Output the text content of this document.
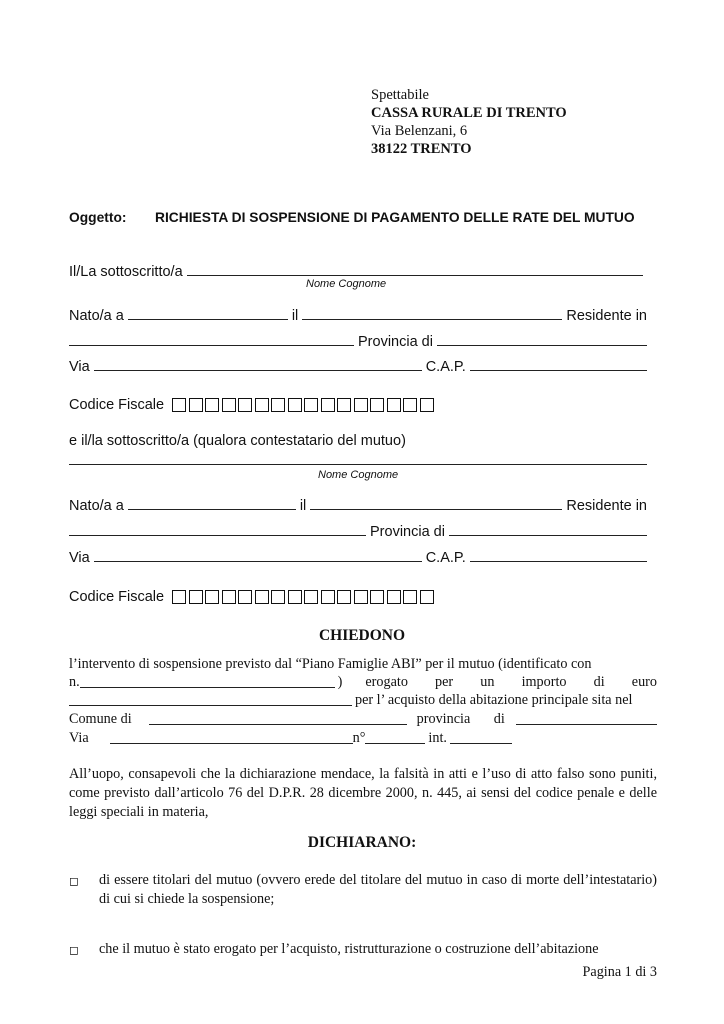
Spettabile
CASSA RURALE DI TRENTO
Via Belenzani, 6
38122 TRENTO
Oggetto: RICHIESTA DI SOSPENSIONE DI PAGAMENTO DELLE RATE DEL MUTUO
Il/La sottoscritto/a
Nome Cognome
Nato/a a	il	Residente in
Provincia di
Via	C.A.P.
Codice Fiscale
e il/la sottoscritto/a (qualora contestatario del mutuo)
Nome Cognome
Nato/a a	il	Residente in
Provincia di
Via	C.A.P.
Codice Fiscale
CHIEDONO
l’intervento di sospensione previsto dal “Piano Famiglie ABI” per il mutuo (identificato con
n.	) erogato per un importo di euro
per l’ acquisto della abitazione principale sita nel
Comune di	provincia di
Via	n°	int.
All’uopo, consapevoli che la dichiarazione mendace, la falsità in atti e l’uso di atto falso sono puniti, come previsto dall’articolo 76 del D.P.R. 28 dicembre 2000, n. 445, ai sensi del codice penale e delle leggi speciali in materia,
DICHIARANO:
◻ di essere titolari del mutuo (ovvero erede del titolare del mutuo in caso di morte dell’intestatario) di cui si chiede la sospensione;
◻ che il mutuo è stato erogato per l’acquisto, ristrutturazione o costruzione dell’abitazione
Pagina 1 di 3
